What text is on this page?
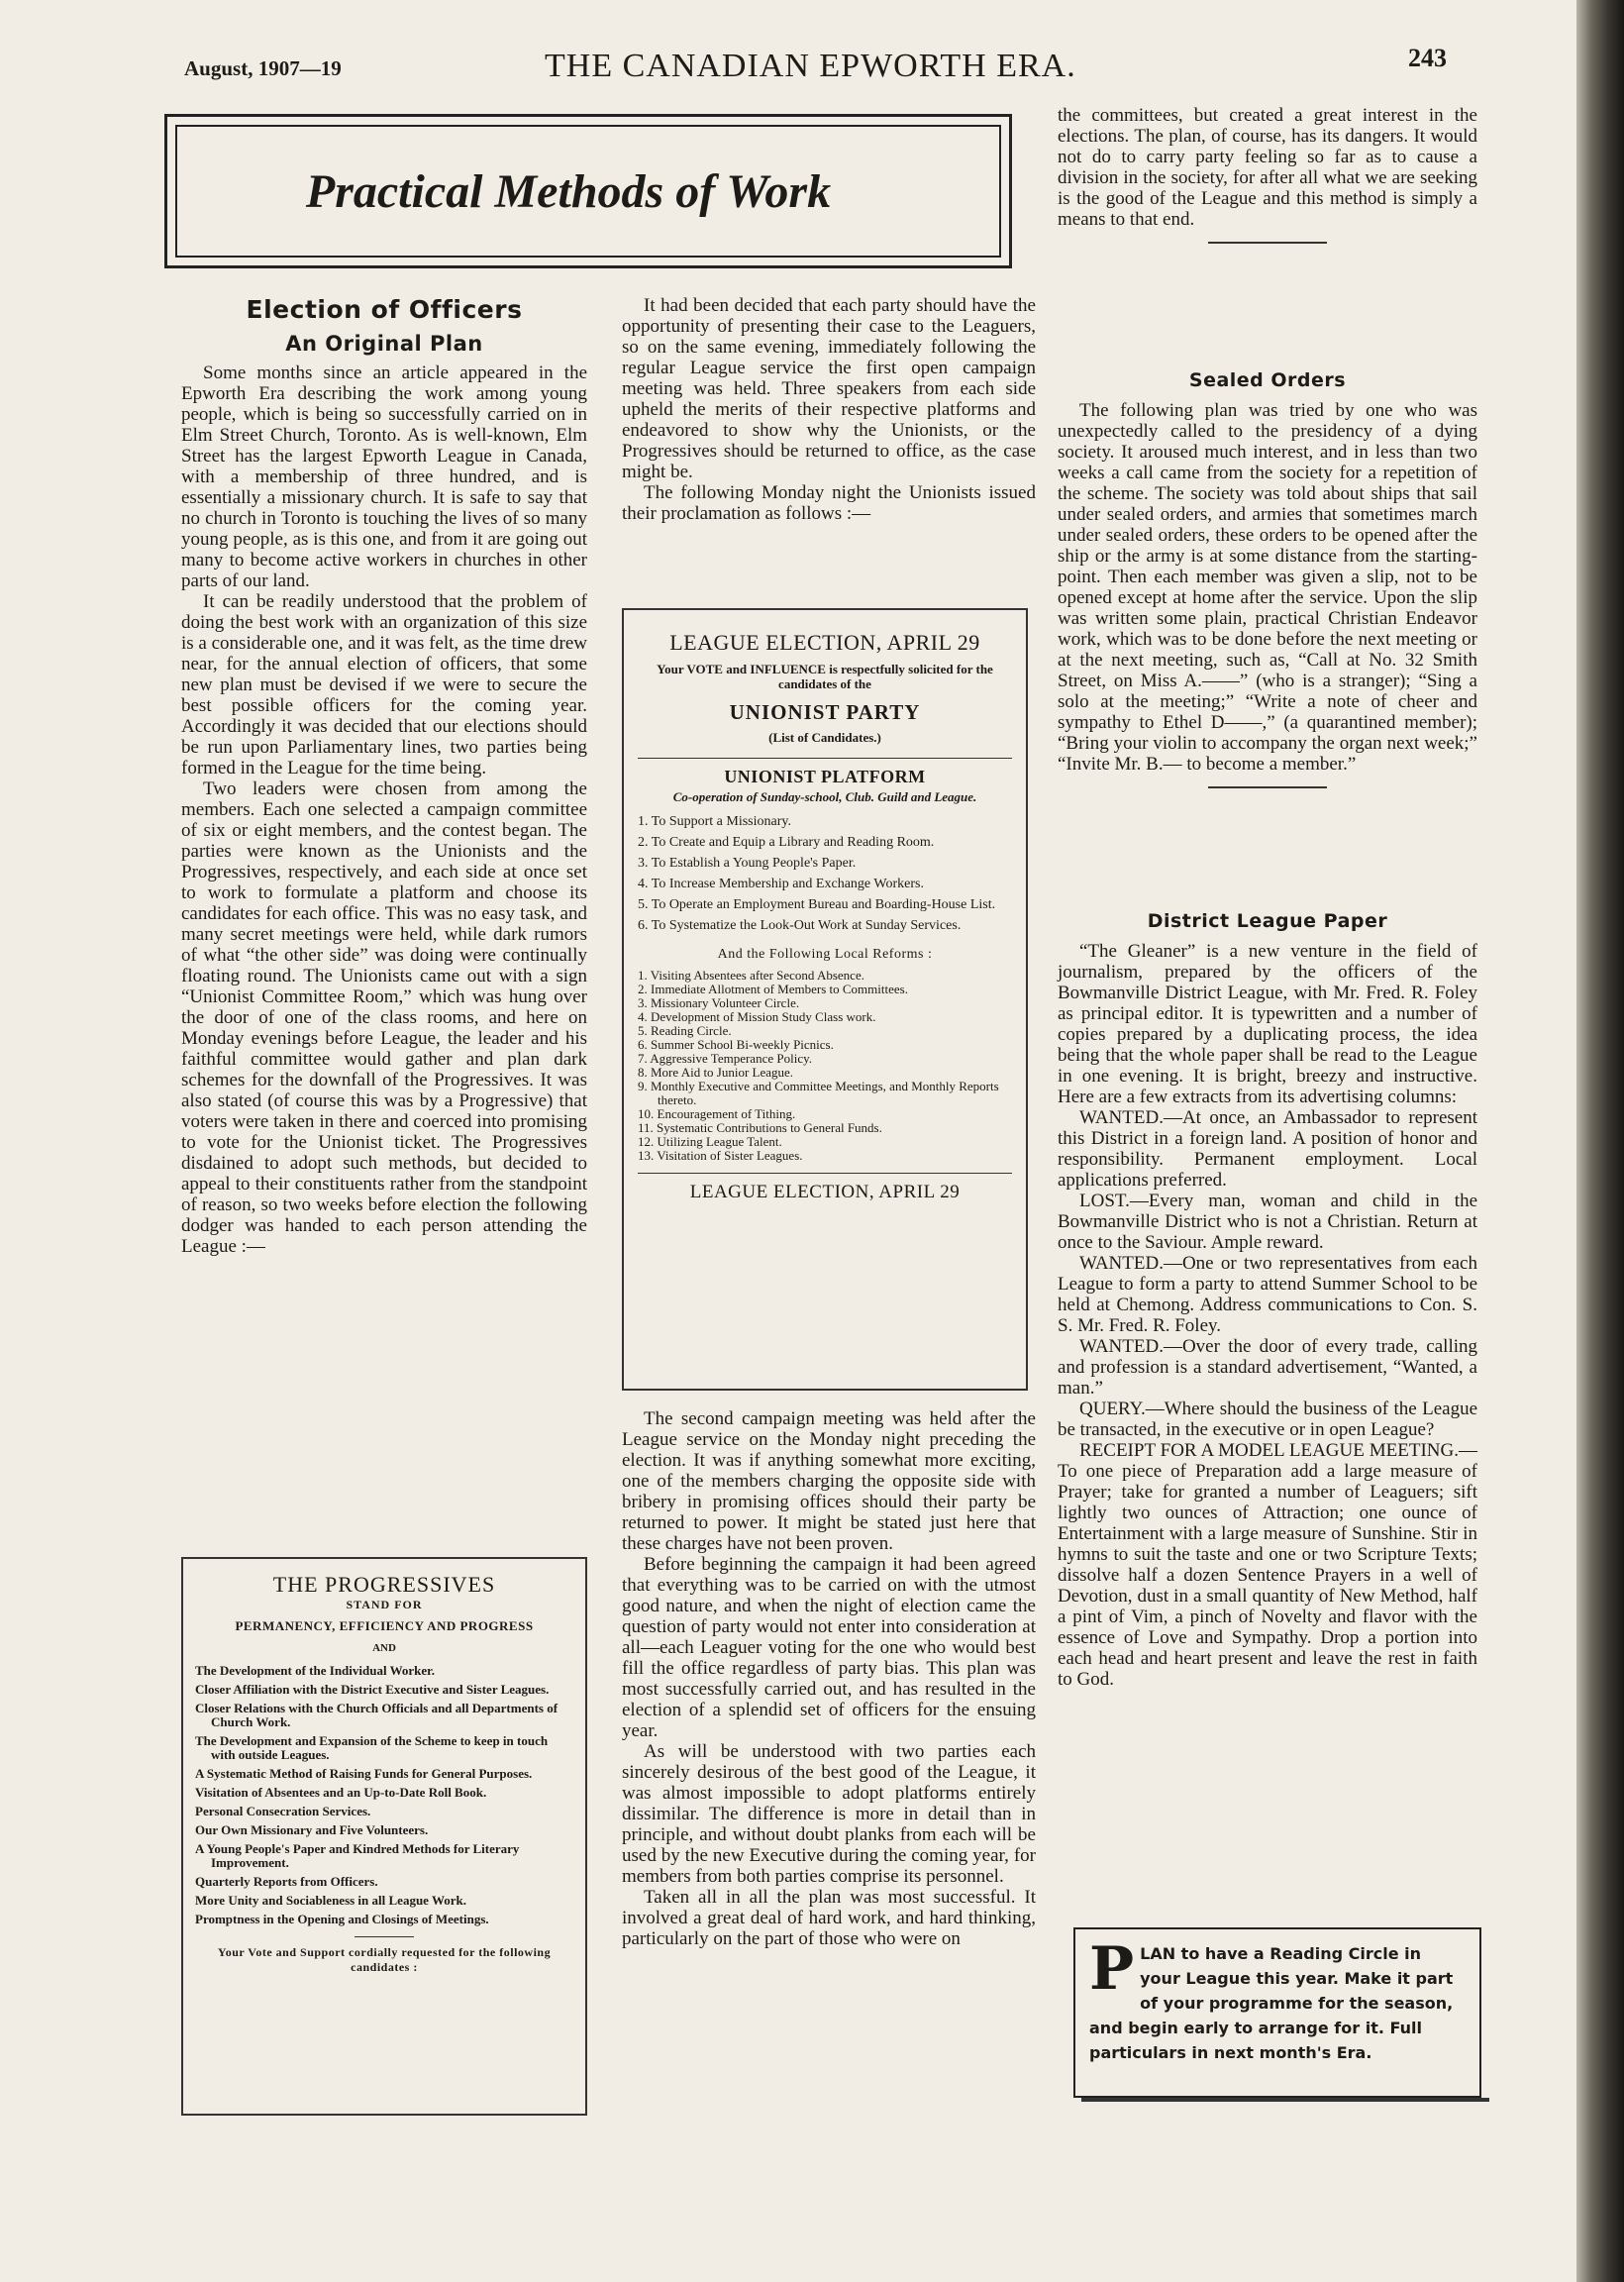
August, 1907—19	THE CANADIAN EPWORTH ERA.	243
Practical Methods of Work
Election of Officers
An Original Plan

Some months since an article appeared in the Epworth Era describing the work among young people, which is being so successfully carried on in Elm Street Church, Toronto. As is well-known, Elm Street has the largest Epworth League in Canada, with a membership of three hundred, and is essentially a missionary church. It is safe to say that no church in Toronto is touching the lives of so many young people, as is this one, and from it are going out many to become active workers in churches in other parts of our land.

It can be readily understood that the problem of doing the best work with an organization of this size is a considerable one, and it was felt, as the time drew near, for the annual election of officers, that some new plan must be devised if we were to secure the best possible officers for the coming year. Accordingly it was decided that our elections should be run upon Parliamentary lines, two parties being formed in the League for the time being.

Two leaders were chosen from among the members. Each one selected a campaign committee of six or eight members, and the contest began. The parties were known as the Unionists and the Progressives, respectively, and each side at once set to work to formulate a platform and choose its candidates for each office. This was no easy task, and many secret meetings were held, while dark rumors of what “the other side” was doing were continually floating round. The Unionists came out with a sign “Unionist Committee Room,” which was hung over the door of one of the class rooms, and here on Monday evenings before League, the leader and his faithful committee would gather and plan dark schemes for the downfall of the Progressives. It was also stated (of course this was by a Progressive) that voters were taken in there and coerced into promising to vote for the Unionist ticket. The Progressives disdained to adopt such methods, but decided to appeal to their constituents rather from the standpoint of reason, so two weeks before election the following dodger was handed to each person attending the League :—

THE PROGRESSIVES
STAND FOR
PERMANENCY, EFFICIENCY AND PROGRESS
AND
The Development of the Individual Worker.
Closer Affiliation with the District Executive and Sister Leagues.
Closer Relations with the Church Officials and all Departments of Church Work.
The Development and Expansion of the Scheme to keep in touch with outside Leagues.
A Systematic Method of Raising Funds for General Purposes.
Visitation of Absentees and an Up-to-Date Roll Book.
Personal Consecration Services.
Our Own Missionary and Five Volunteers.
A Young People's Paper and Kindred Methods for Literary Improvement.
Quarterly Reports from Officers.
More Unity and Sociableness in all League Work.
Promptness in the Opening and Closings of Meetings.
Your Vote and Support cordially requested for the following candidates :

It had been decided that each party should have the opportunity of presenting their case to the Leaguers, so on the same evening, immediately following the regular League service the first open campaign meeting was held. Three speakers from each side upheld the merits of their respective platforms and endeavored to show why the Unionists, or the Progressives should be returned to office, as the case might be.

The following Monday night the Unionists issued their proclamation as follows :—

LEAGUE ELECTION, APRIL 29
Your VOTE and INFLUENCE is respectfully solicited for the candidates of the
UNIONIST PARTY
(List of Candidates.)
UNIONIST PLATFORM
Co-operation of Sunday-school, Club. Guild and League.
1. To Support a Missionary.
2. To Create and Equip a Library and Reading Room.
3. To Establish a Young People's Paper.
4. To Increase Membership and Exchange Workers.
5. To Operate an Employment Bureau and Boarding-House List.
6. To Systematize the Look-Out Work at Sunday Services.
And the Following Local Reforms :
1. Visiting Absentees after Second Absence.
2. Immediate Allotment of Members to Committees.
3. Missionary Volunteer Circle.
4. Development of Mission Study Class work.
5. Reading Circle.
6. Summer School Bi-weekly Picnics.
7. Aggressive Temperance Policy.
8. More Aid to Junior League.
9. Monthly Executive and Committee Meetings, and Monthly Reports thereto.
10. Encouragement of Tithing.
11. Systematic Contributions to General Funds.
12. Utilizing League Talent.
13. Visitation of Sister Leagues.
LEAGUE ELECTION, APRIL 29

The second campaign meeting was held after the League service on the Monday night preceding the election. It was if anything somewhat more exciting, one of the members charging the opposite side with bribery in promising offices should their party be returned to power. It might be stated just here that these charges have not been proven.

Before beginning the campaign it had been agreed that everything was to be carried on with the utmost good nature, and when the night of election came the question of party would not enter into consideration at all—each Leaguer voting for the one who would best fill the office regardless of party bias. This plan was most successfully carried out, and has resulted in the election of a splendid set of officers for the ensuing year.

As will be understood with two parties each sincerely desirous of the best good of the League, it was almost impossible to adopt platforms entirely dissimilar. The difference is more in detail than in principle, and without doubt planks from each will be used by the new Executive during the coming year, for members from both parties comprise its personnel.

Taken all in all the plan was most successful. It involved a great deal of hard work, and hard thinking, particularly on the part of those who were on

the committees, but created a great interest in the elections. The plan, of course, has its dangers. It would not do to carry party feeling so far as to cause a division in the society, for after all what we are seeking is the good of the League and this method is simply a means to that end.

Sealed Orders

The following plan was tried by one who was unexpectedly called to the presidency of a dying society. It aroused much interest, and in less than two weeks a call came from the society for a repetition of the scheme. The society was told about ships that sail under sealed orders, and armies that sometimes march under sealed orders, these orders to be opened after the ship or the army is at some distance from the starting-point. Then each member was given a slip, not to be opened except at home after the service. Upon the slip was written some plain, practical Christian Endeavor work, which was to be done before the next meeting or at the next meeting, such as, “Call at No. 32 Smith Street, on Miss A.——” (who is a stranger); “Sing a solo at the meeting;” “Write a note of cheer and sympathy to Ethel D——,” (a quarantined member); “Bring your violin to accompany the organ next week;” “Invite Mr. B.— to become a member.”

District League Paper

“The Gleaner” is a new venture in the field of journalism, prepared by the officers of the Bowmanville District League, with Mr. Fred. R. Foley as principal editor. It is typewritten and a number of copies prepared by a duplicating process, the idea being that the whole paper shall be read to the League in one evening. It is bright, breezy and instructive. Here are a few extracts from its advertising columns:

WANTED.—At once, an Ambassador to represent this District in a foreign land. A position of honor and responsibility. Permanent employment. Local applications preferred.

LOST.—Every man, woman and child in the Bowmanville District who is not a Christian. Return at once to the Saviour. Ample reward.

WANTED.—One or two representatives from each League to form a party to attend Summer School to be held at Chemong. Address communications to Con. S. S. Mr. Fred. R. Foley.

WANTED.—Over the door of every trade, calling and profession is a standard advertisement, “Wanted, a man.”

QUERY.—Where should the business of the League be transacted, in the executive or in open League?

RECEIPT FOR A MODEL LEAGUE MEETING.—To one piece of Preparation add a large measure of Prayer; take for granted a number of Leaguers; sift lightly two ounces of Attraction; one ounce of Entertainment with a large measure of Sunshine. Stir in hymns to suit the taste and one or two Scripture Texts; dissolve half a dozen Sentence Prayers in a well of Devotion, dust in a small quantity of New Method, half a pint of Vim, a pinch of Novelty and flavor with the essence of Love and Sympathy. Drop a portion into each head and heart present and leave the rest in faith to God.

P LAN to have a Reading Circle in your League this year. Make it part of your programme for the season, and begin early to arrange for it. Full particulars in next month's Era.
